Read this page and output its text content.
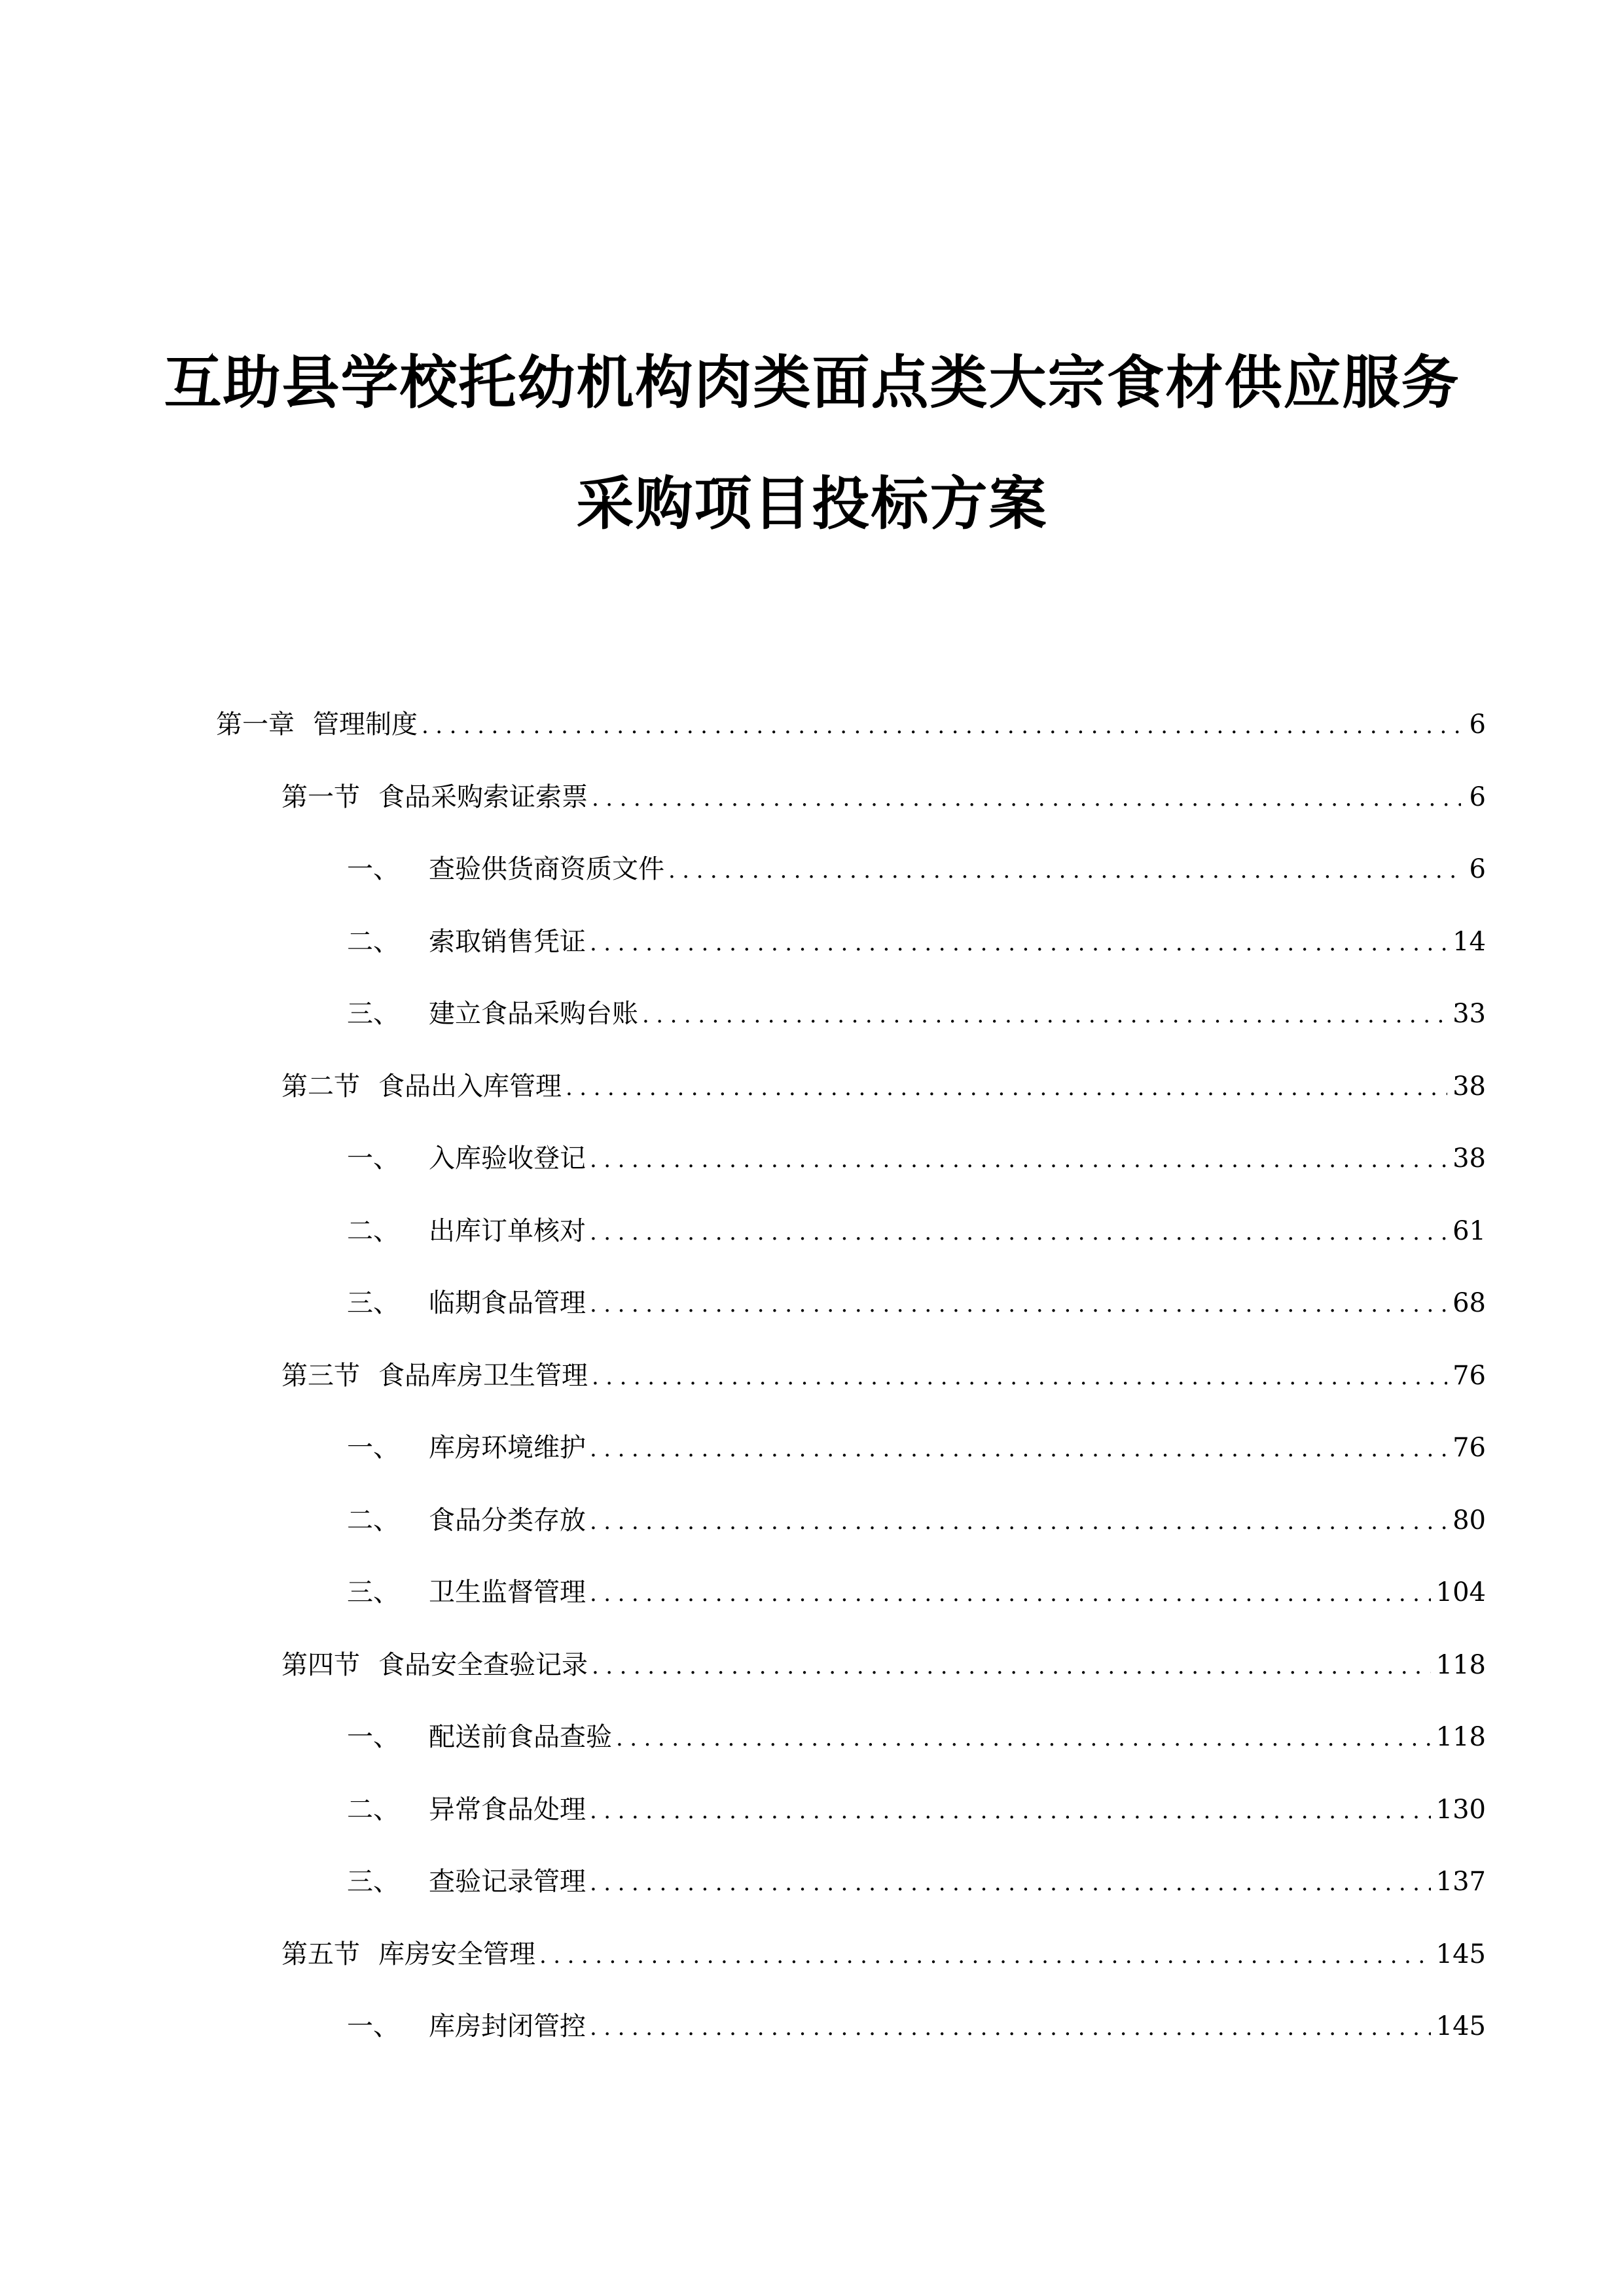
互助县学校托幼机构肉类面点类大宗食材供应服务
采购项目投标方案
第一章 管理制度 .....	6
第一节 食品采购索证索票 .....	6
一、	查验供货商资质文件 .....	6
二、	索取销售凭证 .....	14
三、	建立食品采购台账 .....	33
第二节 食品出入库管理 .....	38
一、	入库验收登记 .....	38
二、	出库订单核对 .....	61
三、	临期食品管理 .....	68
第三节 食品库房卫生管理 .....	76
一、	库房环境维护 .....	76
二、	食品分类存放 .....	80
三、	卫生监督管理 .....	104
第四节 食品安全查验记录 .....	118
一、	配送前食品查验 .....	118
二、	异常食品处理 .....	130
三、	查验记录管理 .....	137
第五节 库房安全管理 .....	145
一、	库房封闭管控 .....	145
